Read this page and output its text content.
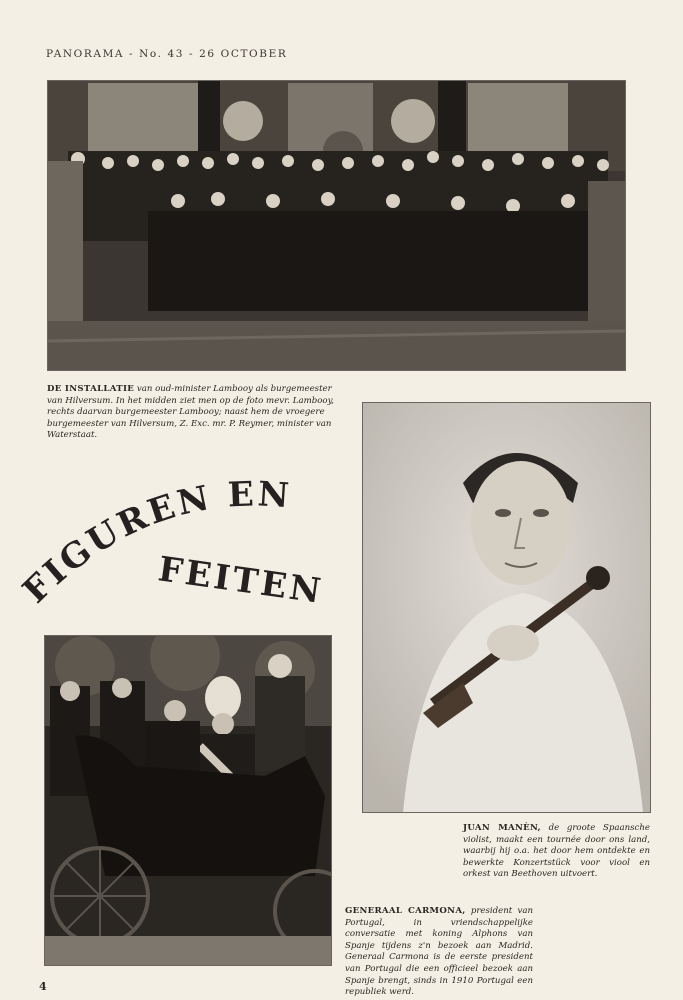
PANORAMA - No. 43 - 26 OCTOBER
DE INSTALLATIE van oud-minister Lambooy als burgemeester van Hilversum. In het midden ziet men op de foto mevr. Lambooy, rechts daarvan burgemeester Lambooy; naast hem de vroegere burgemeester van Hilversum, Z. Exc. mr. P. Reymer, minister van Waterstaat.
FIGUREN EN
FEITEN
JUAN MANÈN, de groote Spaansche violist, maakt een tournée door ons land, waarbij hij o.a. het door hem ontdekte en bewerkte Konzertstück voor viool en orkest van Beethoven uitvoert.
GENERAAL CARMONA, president van Portugal, in vriendschappelijke conversatie met koning Alphons van Spanje tijdens z'n bezoek aan Madrid. Generaal Carmona is de eerste president van Portugal die een officieel bezoek aan Spanje brengt, sinds in 1910 Portugal een republiek werd.
4
